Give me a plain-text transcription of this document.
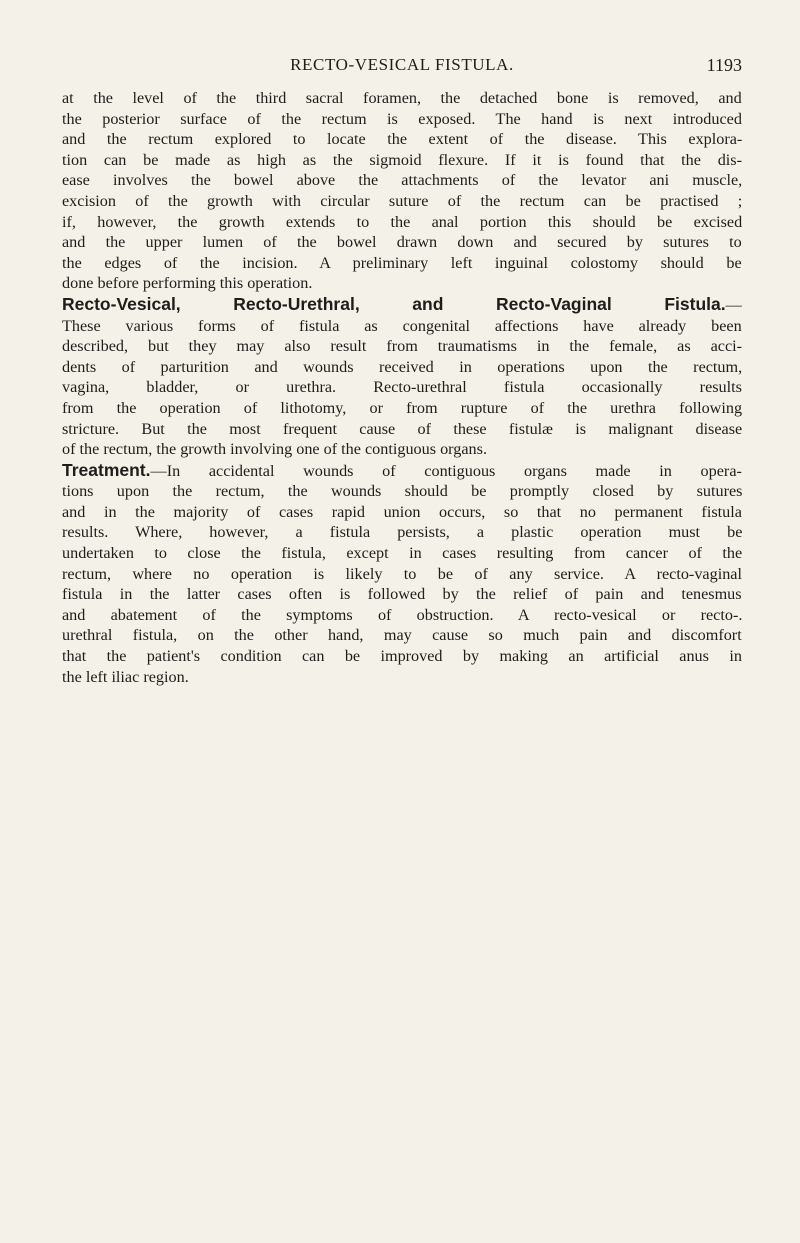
RECTO-VESICAL FISTULA.	1193

at the level of the third sacral foramen, the detached bone is removed, and
the posterior surface of the rectum is exposed. The hand is next introduced
and the rectum explored to locate the extent of the disease. This explora-
tion can be made as high as the sigmoid flexure. If it is found that the dis-
ease involves the bowel above the attachments of the levator ani muscle,
excision of the growth with circular suture of the rectum can be practised ;
if, however, the growth extends to the anal portion this should be excised
and the upper lumen of the bowel drawn down and secured by sutures to
the edges of the incision. A preliminary left inguinal colostomy should be
done before performing this operation.

Recto-Vesical, Recto-Urethral, and Recto-Vaginal Fistula.—
These various forms of fistula as congenital affections have already been
described, but they may also result from traumatisms in the female, as acci-
dents of parturition and wounds received in operations upon the rectum,
vagina, bladder, or urethra. Recto-urethral fistula occasionally results
from the operation of lithotomy, or from rupture of the urethra following
stricture. But the most frequent cause of these fistulæ is malignant disease
of the rectum, the growth involving one of the contiguous organs.

Treatment.—In accidental wounds of contiguous organs made in opera-
tions upon the rectum, the wounds should be promptly closed by sutures
and in the majority of cases rapid union occurs, so that no permanent fistula
results. Where, however, a fistula persists, a plastic operation must be
undertaken to close the fistula, except in cases resulting from cancer of the
rectum, where no operation is likely to be of any service. A recto-vaginal
fistula in the latter cases often is followed by the relief of pain and tenesmus
and abatement of the symptoms of obstruction. A recto-vesical or recto-.
urethral fistula, on the other hand, may cause so much pain and discomfort
that the patient's condition can be improved by making an artificial anus in
the left iliac region.
